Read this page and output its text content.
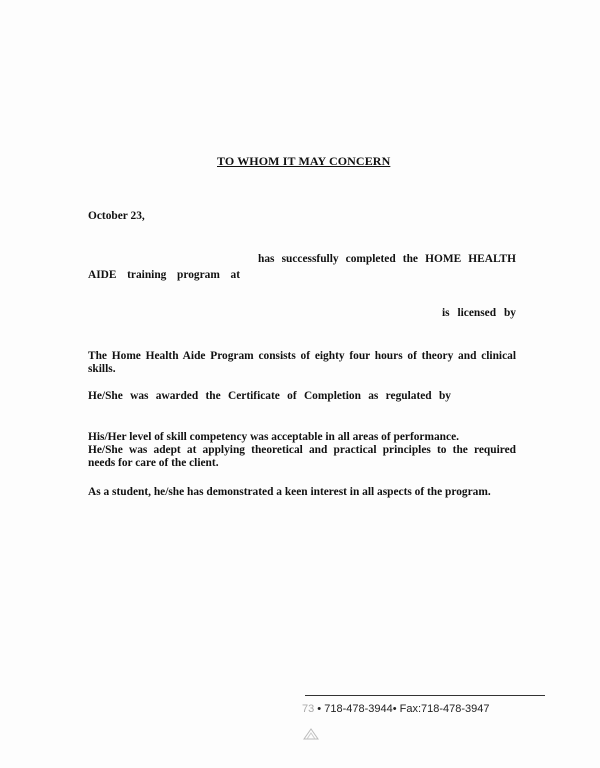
TO WHOM IT MAY CONCERN
October 23,
has successfully completed the HOME HEALTH
AIDE training program at
is licensed by
The Home Health Aide Program consists of eighty four hours of theory and clinical
skills.
He/She was awarded the Certificate of Completion as regulated by
His/Her level of skill competency was acceptable in all areas of performance.
He/She was adept at applying theoretical and practical principles to the required
needs for care of the client.
As a student, he/she has demonstrated a keen interest in all aspects of the program.
73 • 718-478-3944• Fax:718-478-3947
